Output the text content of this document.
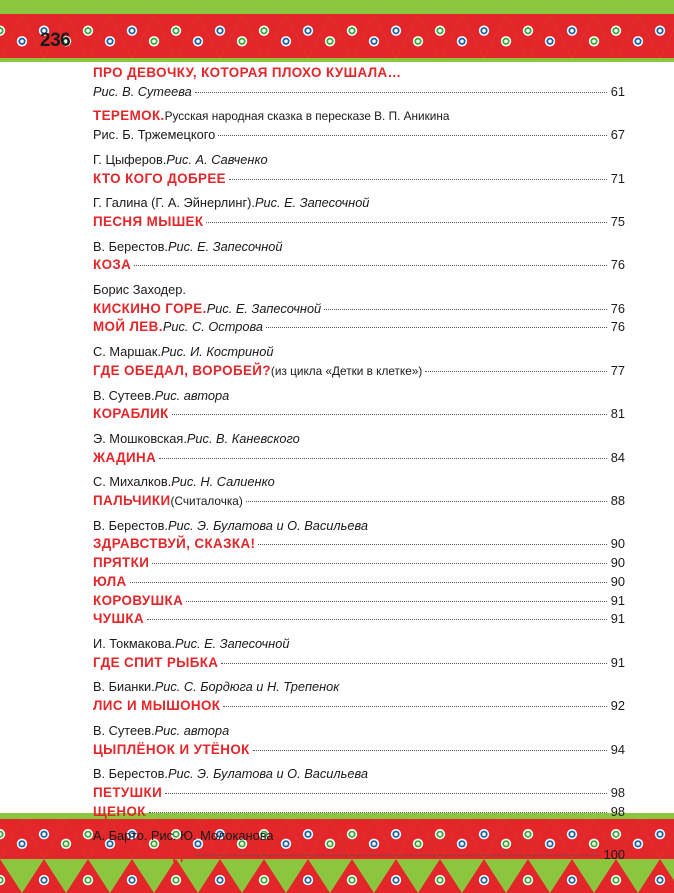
236
ПРО ДЕВОЧКУ, КОТОРАЯ ПЛОХО КУШАЛА…
Рис. В. Сутеева	61
ТЕРЕМОК. Русская народная сказка в пересказе В. П. Аникина
Рис. Б. Тржемецкого	67
Г. Цыферов. Рис. А. Савченко
КТО КОГО ДОБРЕЕ	71
Г. Галина (Г. А. Эйнерлинг). Рис. Е. Запесочной
ПЕСНЯ МЫШЕК	75
В. Берестов. Рис. Е. Запесочной
КОЗА	76
Борис Заходер.
КИСКИНО ГОРЕ. Рис. Е. Запесочной	76
МОЙ ЛЕВ. Рис. С. Острова	76
С. Маршак. Рис. И. Костриной
ГДЕ ОБЕДАЛ, ВОРОБЕЙ? (из цикла «Детки в клетке»)	77
В. Сутеев. Рис. автора
КОРАБЛИК	81
Э. Мошковская. Рис. В. Каневского
ЖАДИНА	84
С. Михалков. Рис. Н. Салиенко
ПАЛЬЧИКИ (Считалочка)	88
В. Берестов. Рис. Э. Булатова и О. Васильева
ЗДРАВСТВУЙ, СКАЗКА!	90
ПРЯТКИ	90
ЮЛА	90
КОРОВУШКА	91
ЧУШКА	91
И. Токмакова. Рис. Е. Запесочной
ГДЕ СПИТ РЫБКА	91
В. Бианки. Рис. С. Бордюга и Н. Трепенок
ЛИС И МЫШОНОК	92
В. Сутеев. Рис. автора
ЦЫПЛЁНОК И УТЁНОК	94
В. Берестов. Рис. Э. Булатова и О. Васильева
ПЕТУШКИ	98
ЩЕНОК	98
А. Барто. Рис. Ю. Молоканова
ГУСИ-ЛЕБЕДИ	100
